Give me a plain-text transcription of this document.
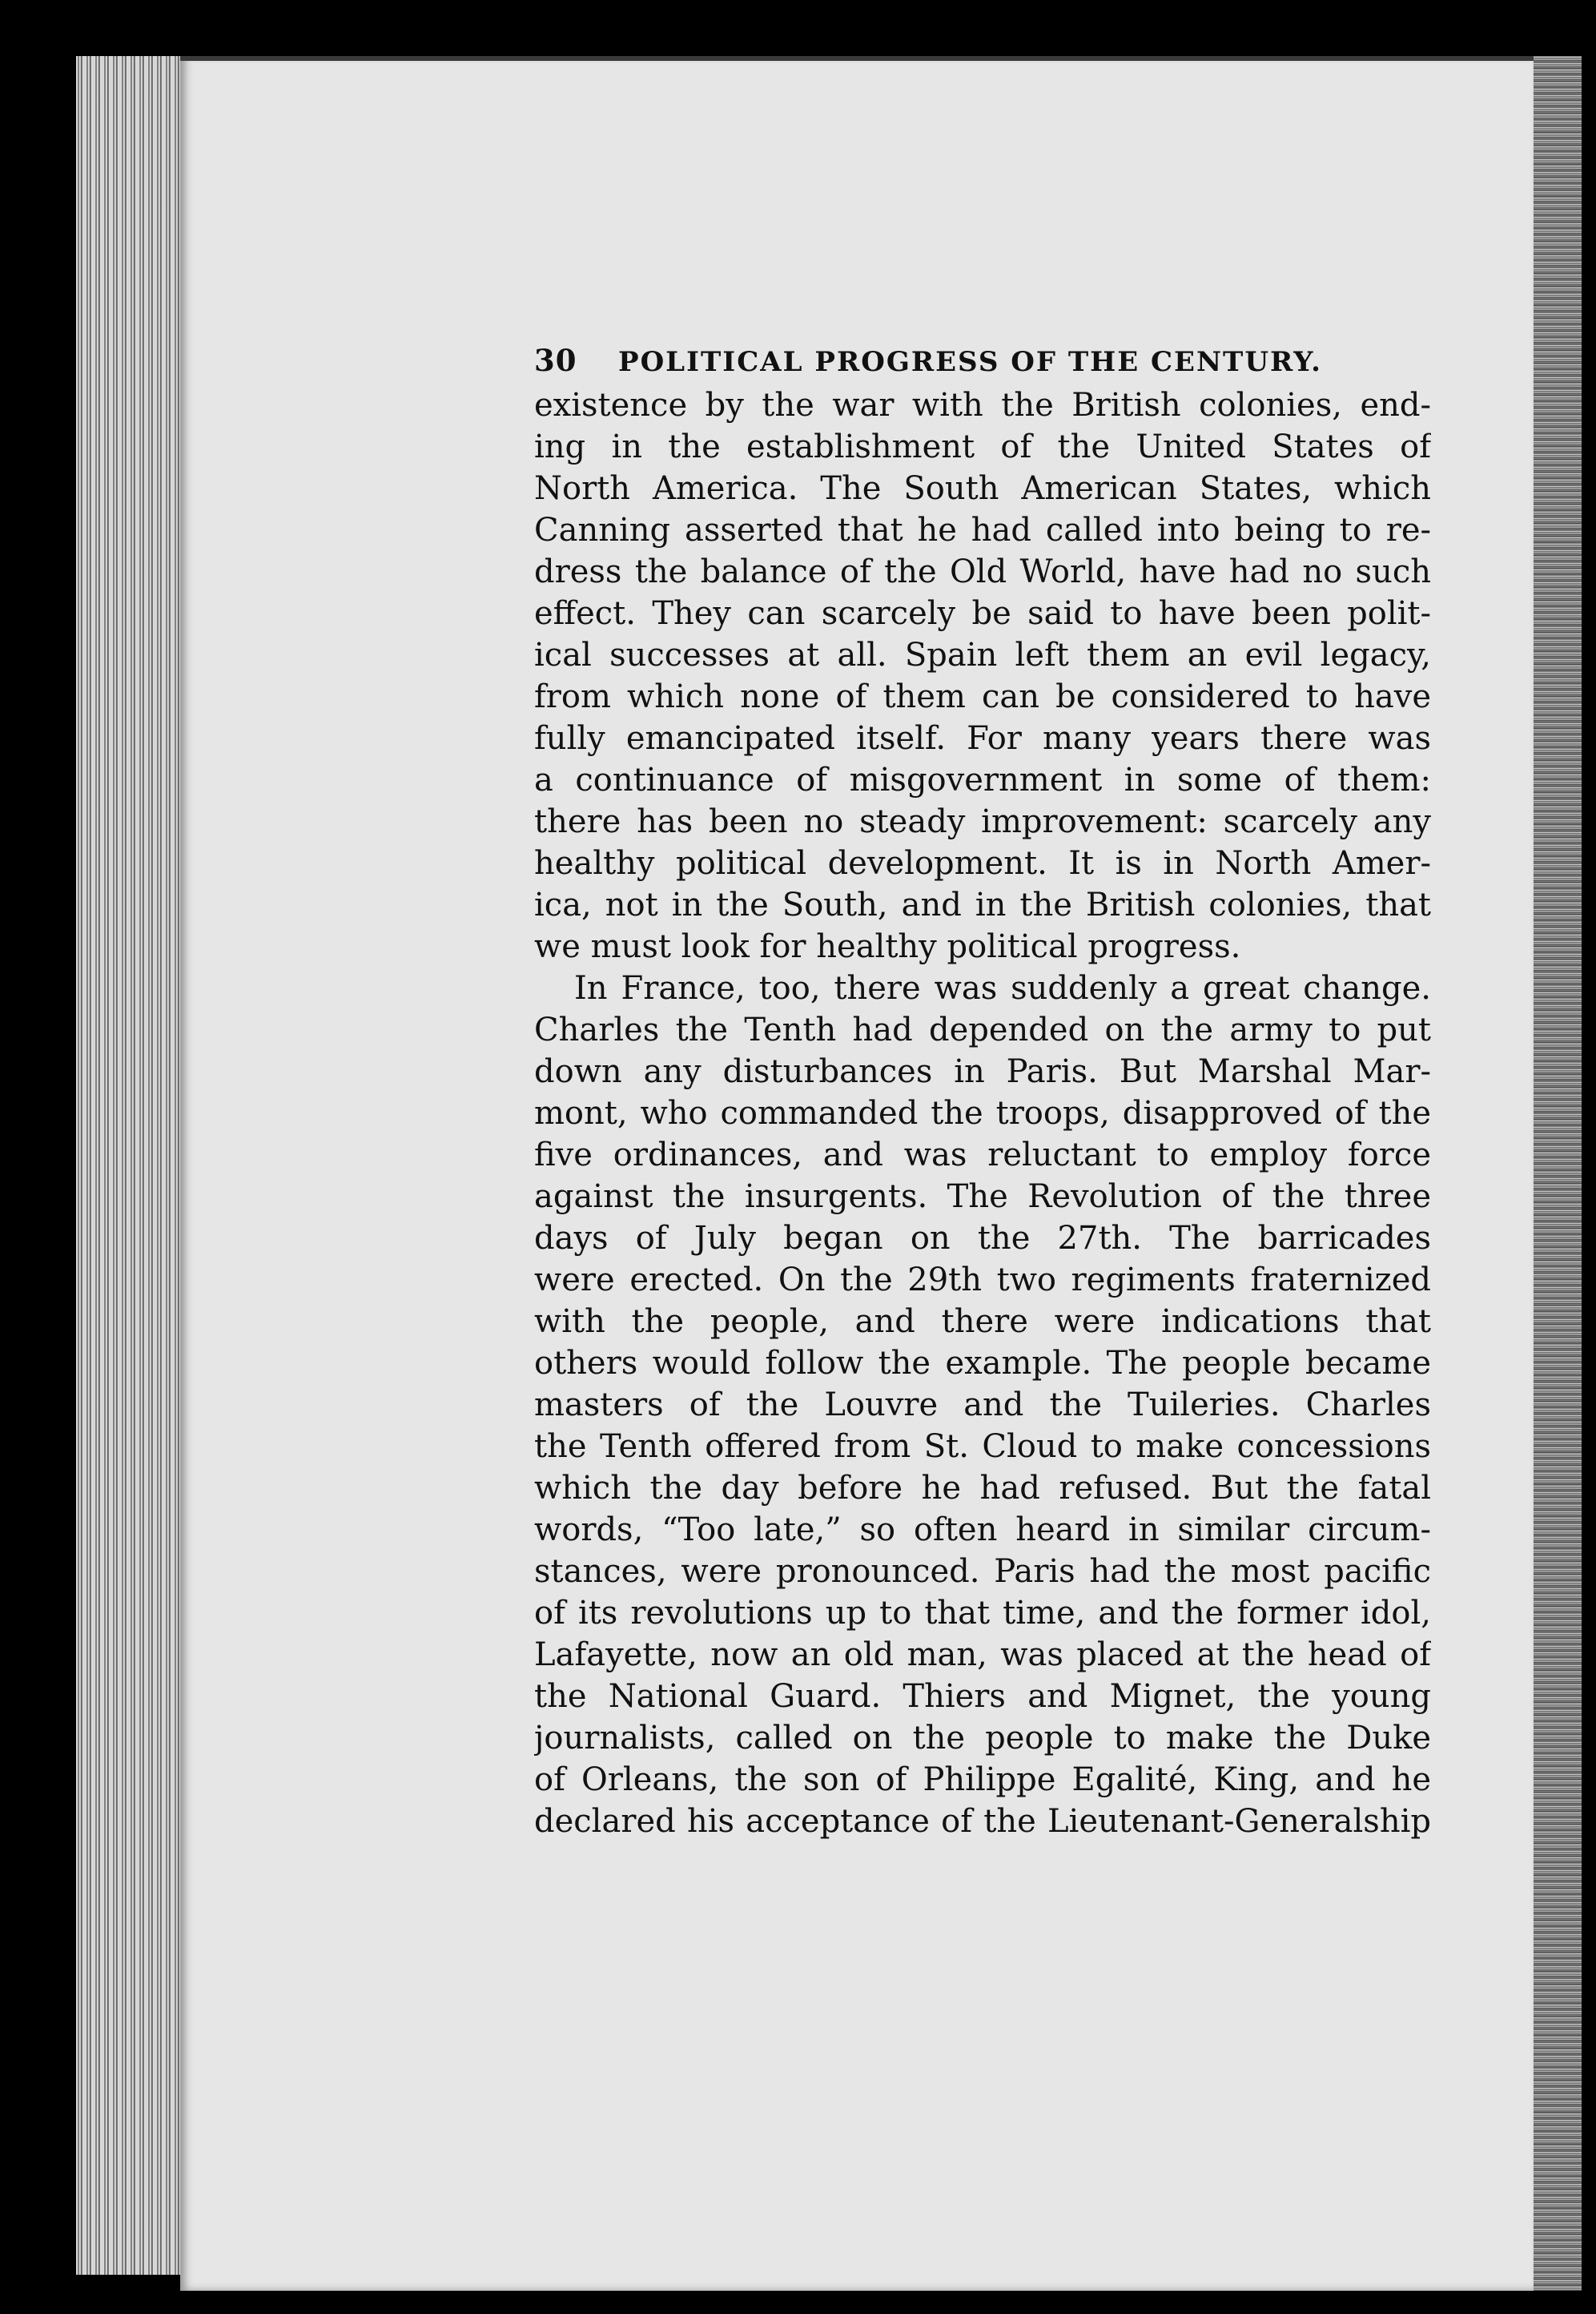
30	POLITICAL PROGRESS OF THE CENTURY.
existence by the war with the British colonies, end-
ing in the establishment of the United States of
North America. The South American States, which
Canning asserted that he had called into being to re-
dress the balance of the Old World, have had no such
effect. They can scarcely be said to have been polit-
ical successes at all. Spain left them an evil legacy,
from which none of them can be considered to have
fully emancipated itself. For many years there was
a continuance of misgovernment in some of them:
there has been no steady improvement: scarcely any
healthy political development. It is in North Amer-
ica, not in the South, and in the British colonies, that
we must look for healthy political progress.
In France, too, there was suddenly a great change.
Charles the Tenth had depended on the army to put
down any disturbances in Paris. But Marshal Mar-
mont, who commanded the troops, disapproved of the
five ordinances, and was reluctant to employ force
against the insurgents. The Revolution of the three
days of July began on the 27th. The barricades
were erected. On the 29th two regiments fraternized
with the people, and there were indications that
others would follow the example. The people became
masters of the Louvre and the Tuileries. Charles
the Tenth offered from St. Cloud to make concessions
which the day before he had refused. But the fatal
words, “Too late,” so often heard in similar circum-
stances, were pronounced. Paris had the most pacific
of its revolutions up to that time, and the former idol,
Lafayette, now an old man, was placed at the head of
the National Guard. Thiers and Mignet, the young
journalists, called on the people to make the Duke
of Orleans, the son of Philippe Egalité, King, and he
declared his acceptance of the Lieutenant-Generalship
